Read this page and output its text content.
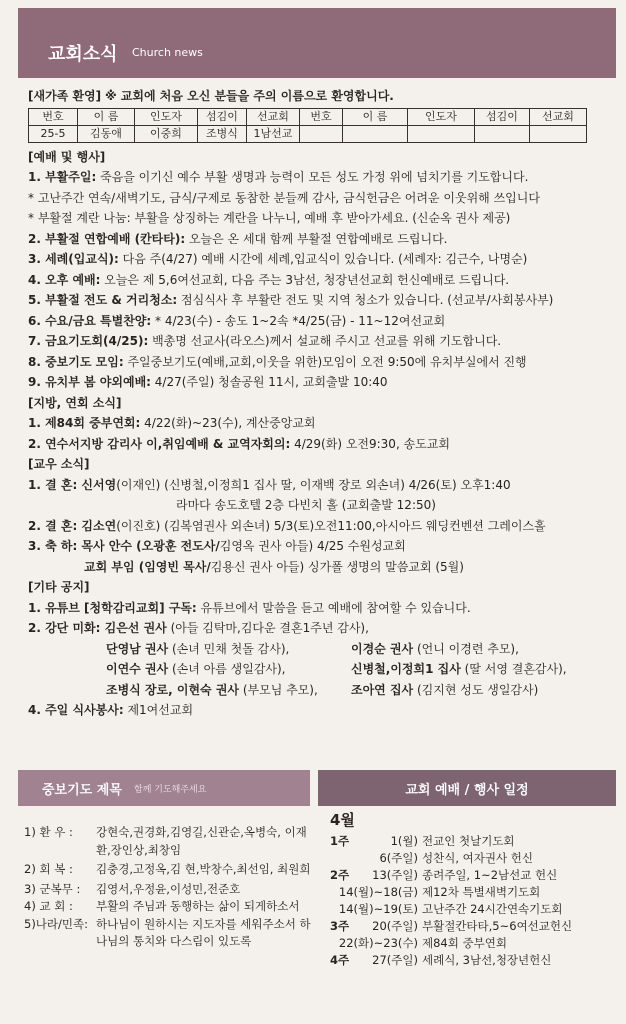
교회소식 Church news
[새가족 환영] ※ 교회에 처음 오신 분들을 주의 이름으로 환영합니다.
번호	이 름	인도자	섬김이	선교회	번호	이 름	인도자	섬김이	선교회
25-5	김동애	이중희	조병식	1남선교					
[예배 및 행사]
1. 부활주일: 죽음을 이기신 예수 부활 생명과 능력이 모든 성도 가정 위에 넘치기를 기도합니다.
* 고난주간 연속/새벽기도, 금식/구제로 동참한 분들께 감사, 금식헌금은 어려운 이웃위해 쓰입니다
* 부활절 계란 나눔: 부활을 상징하는 계란을 나누니, 예배 후 받아가세요. (신순옥 권사 제공)
2. 부활절 연합예배 (칸타타): 오늘은 온 세대 함께 부활절 연합예배로 드립니다.
3. 세례(입교식): 다음 주(4/27) 예배 시간에 세례,입교식이 있습니다. (세례자: 김근수, 나명순)
4. 오후 예배: 오늘은 제 5,6여선교회, 다음 주는 3남선, 청장년선교회 헌신예배로 드립니다.
5. 부활절 전도 & 거리청소: 점심식사 후 부활란 전도 및 지역 청소가 있습니다. (선교부/사회봉사부)
6. 수요/금요 특별찬양: * 4/23(수) - 송도 1~2속 *4/25(금) - 11~12여선교회
7. 금요기도회(4/25): 백총명 선교사(라오스)께서 설교해 주시고 선교를 위해 기도합니다.
8. 중보기도 모임: 주일중보기도(예배,교회,이웃을 위한)모임이 오전 9:50에 유치부실에서 진행
9. 유치부 봄 야외예배: 4/27(주일) 청솔공원 11시, 교회출발 10:40
[지방, 연회 소식]
1. 제84회 중부연회: 4/22(화)~23(수), 계산중앙교회
2. 연수서지방 감리사 이,취임예배 & 교역자회의: 4/29(화) 오전9:30, 송도교회
[교우 소식]
1. 결 혼: 신서영(이재인) (신병철,이정희1 집사 딸, 이재백 장로 외손녀) 4/26(토) 오후1:40
라마다 송도호텔 2층 다빈치 홀 (교회출발 12:50)
2. 결 혼: 김소연(이진호) (김복염권사 외손녀) 5/3(토)오전11:00,아시아드 웨딩컨벤션 그레이스홀
3. 축 하: 목사 안수 (오광훈 전도사/김영옥 권사 아들) 4/25 수원성교회
교회 부임 (임영빈 목사/김용신 권사 아들) 싱가폴 생명의 말씀교회 (5월)
[기타 공지]
1. 유튜브 [청학감리교회] 구독: 유튜브에서 말씀을 듣고 예배에 참여할 수 있습니다.
2. 강단 미화: 김은선 권사 (아들 김탁마,김다운 결혼1주년 감사),
단영남 권사 (손녀 민채 첫돌 감사),	이경순 권사 (언니 이경련 추모),
이연수 권사 (손녀 아름 생일감사),	신병철,이정희1 집사 (딸 서영 결혼감사),
조병식 장로, 이현숙 권사 (부모님 추모),	조아연 집사 (김지현 성도 생일감사)
4. 주일 식사봉사: 제1여선교회
중보기도 제목 함께 기도해주세요	교회 예배 / 행사 일정
1) 환 우 :	강현숙,권경화,김영길,신관순,옥병숙, 이재환,장인상,최창임
2) 회 복 :	김충경,고정옥,김 현,박창수,최선임, 최원희
3) 군복무 :	김영서,우정윤,이성민,전준호
4) 교 회 :	부활의 주님과 동행하는 삶이 되게하소서
5)나라/민족: 하나님이 원하시는 지도자를 세워주소서 하나님의 통치와 다스림이 있도록
4월
1주	1(월) 전교인 첫날기도회
6(주일) 성찬식, 여자권사 헌신
2주 13(주일) 종려주일, 1~2남선교 헌신
14(월)~18(금) 제12차 특별새벽기도회
14(월)~19(토) 고난주간 24시간연속기도회
3주 20(주일) 부활절칸타타,5~6여선교헌신
22(화)~23(수) 제84회 중부연회
4주 27(주일) 세례식, 3남선,청장년헌신
